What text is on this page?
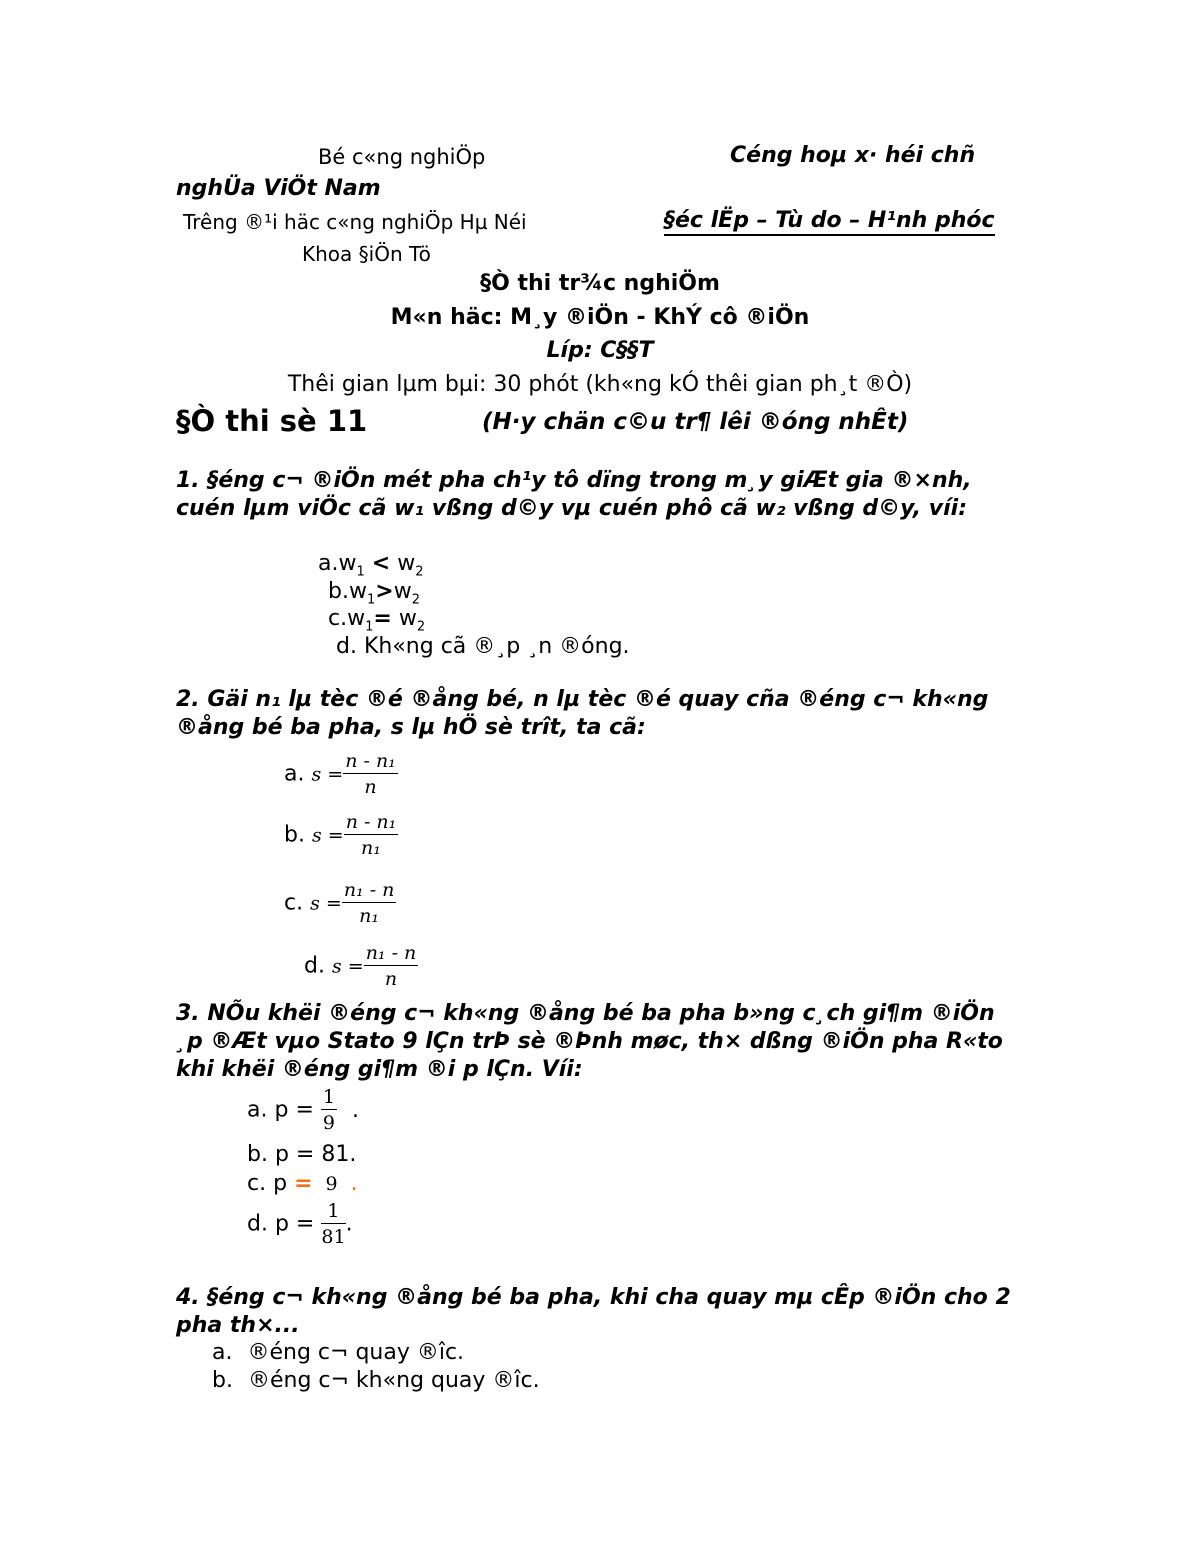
Bé c«ng nghiÖp	Céng hoµ x· héi chñ
nghÜa ViÖt Nam
Trêng ®¹i häc c«ng nghiÖp Hµ Néi	§éc lËp – Tù do – H¹nh phóc
Khoa §iÖn Tö
§Ò thi tr¾c nghiÖm
M«n häc: M¸y ®iÖn - KhÝ cô ®iÖn
Líp: C§§T
Thêi gian lµm bµi: 30 phót (kh«ng kÓ thêi gian ph¸t ®Ò)
§Ò thi sè 11	(H·y chän c©u tr¶ lêi ®óng nhÊt)
1. §éng c¬ ®iÖn mét pha ch¹y tô dïng trong m¸y giÆt gia ®×nh, cuén lµm viÖc cã w₁ vßng d©y vµ cuén phô cã w₂ vßng d©y, víi:
$a.w_1 < w_2$
$b.w_1>w_2$
$c.w_1= w_2$
d. Kh«ng cã ®¸p ¸n ®óng.
2. Gäi n₁ lµ tèc ®é ®ång bé, n lµ tèc ®é quay cña ®éng c¬ kh«ng ®ång bé ba pha, s lµ hÖ sè trît, ta cã:
a. $s = \frac{\text{n - n₁}}{n}$
b. $s = \frac{\text{n - n₁}}{\text{n₁}}$
c. $s = \frac{\text{n₁ - n}}{\text{n₁}}$
d. $s = \frac{\text{n₁ - n}}{n}$
3. NÕu khëi ®éng c¬ kh«ng ®ång bé ba pha b»ng c¸ch gi¶m ®iÖn ¸p ®Æt vµo Stato 9 lÇn trÞ sè ®Þnh møc, th× dßng ®iÖn pha R«to khi khëi ®éng gi¶m ®i p lÇn. Víi:
a. $p = \frac{1}{9}$ .
b. p = 81.
c. p = 9 .
d. $p = \frac{1}{81}$ .
4. §éng c¬ kh«ng ®ång bé ba pha, khi cha quay mµ cÊp ®iÖn cho 2 pha th×...
a. ®éng c¬ quay ®îc.
b. ®éng c¬ kh«ng quay ®îc.
